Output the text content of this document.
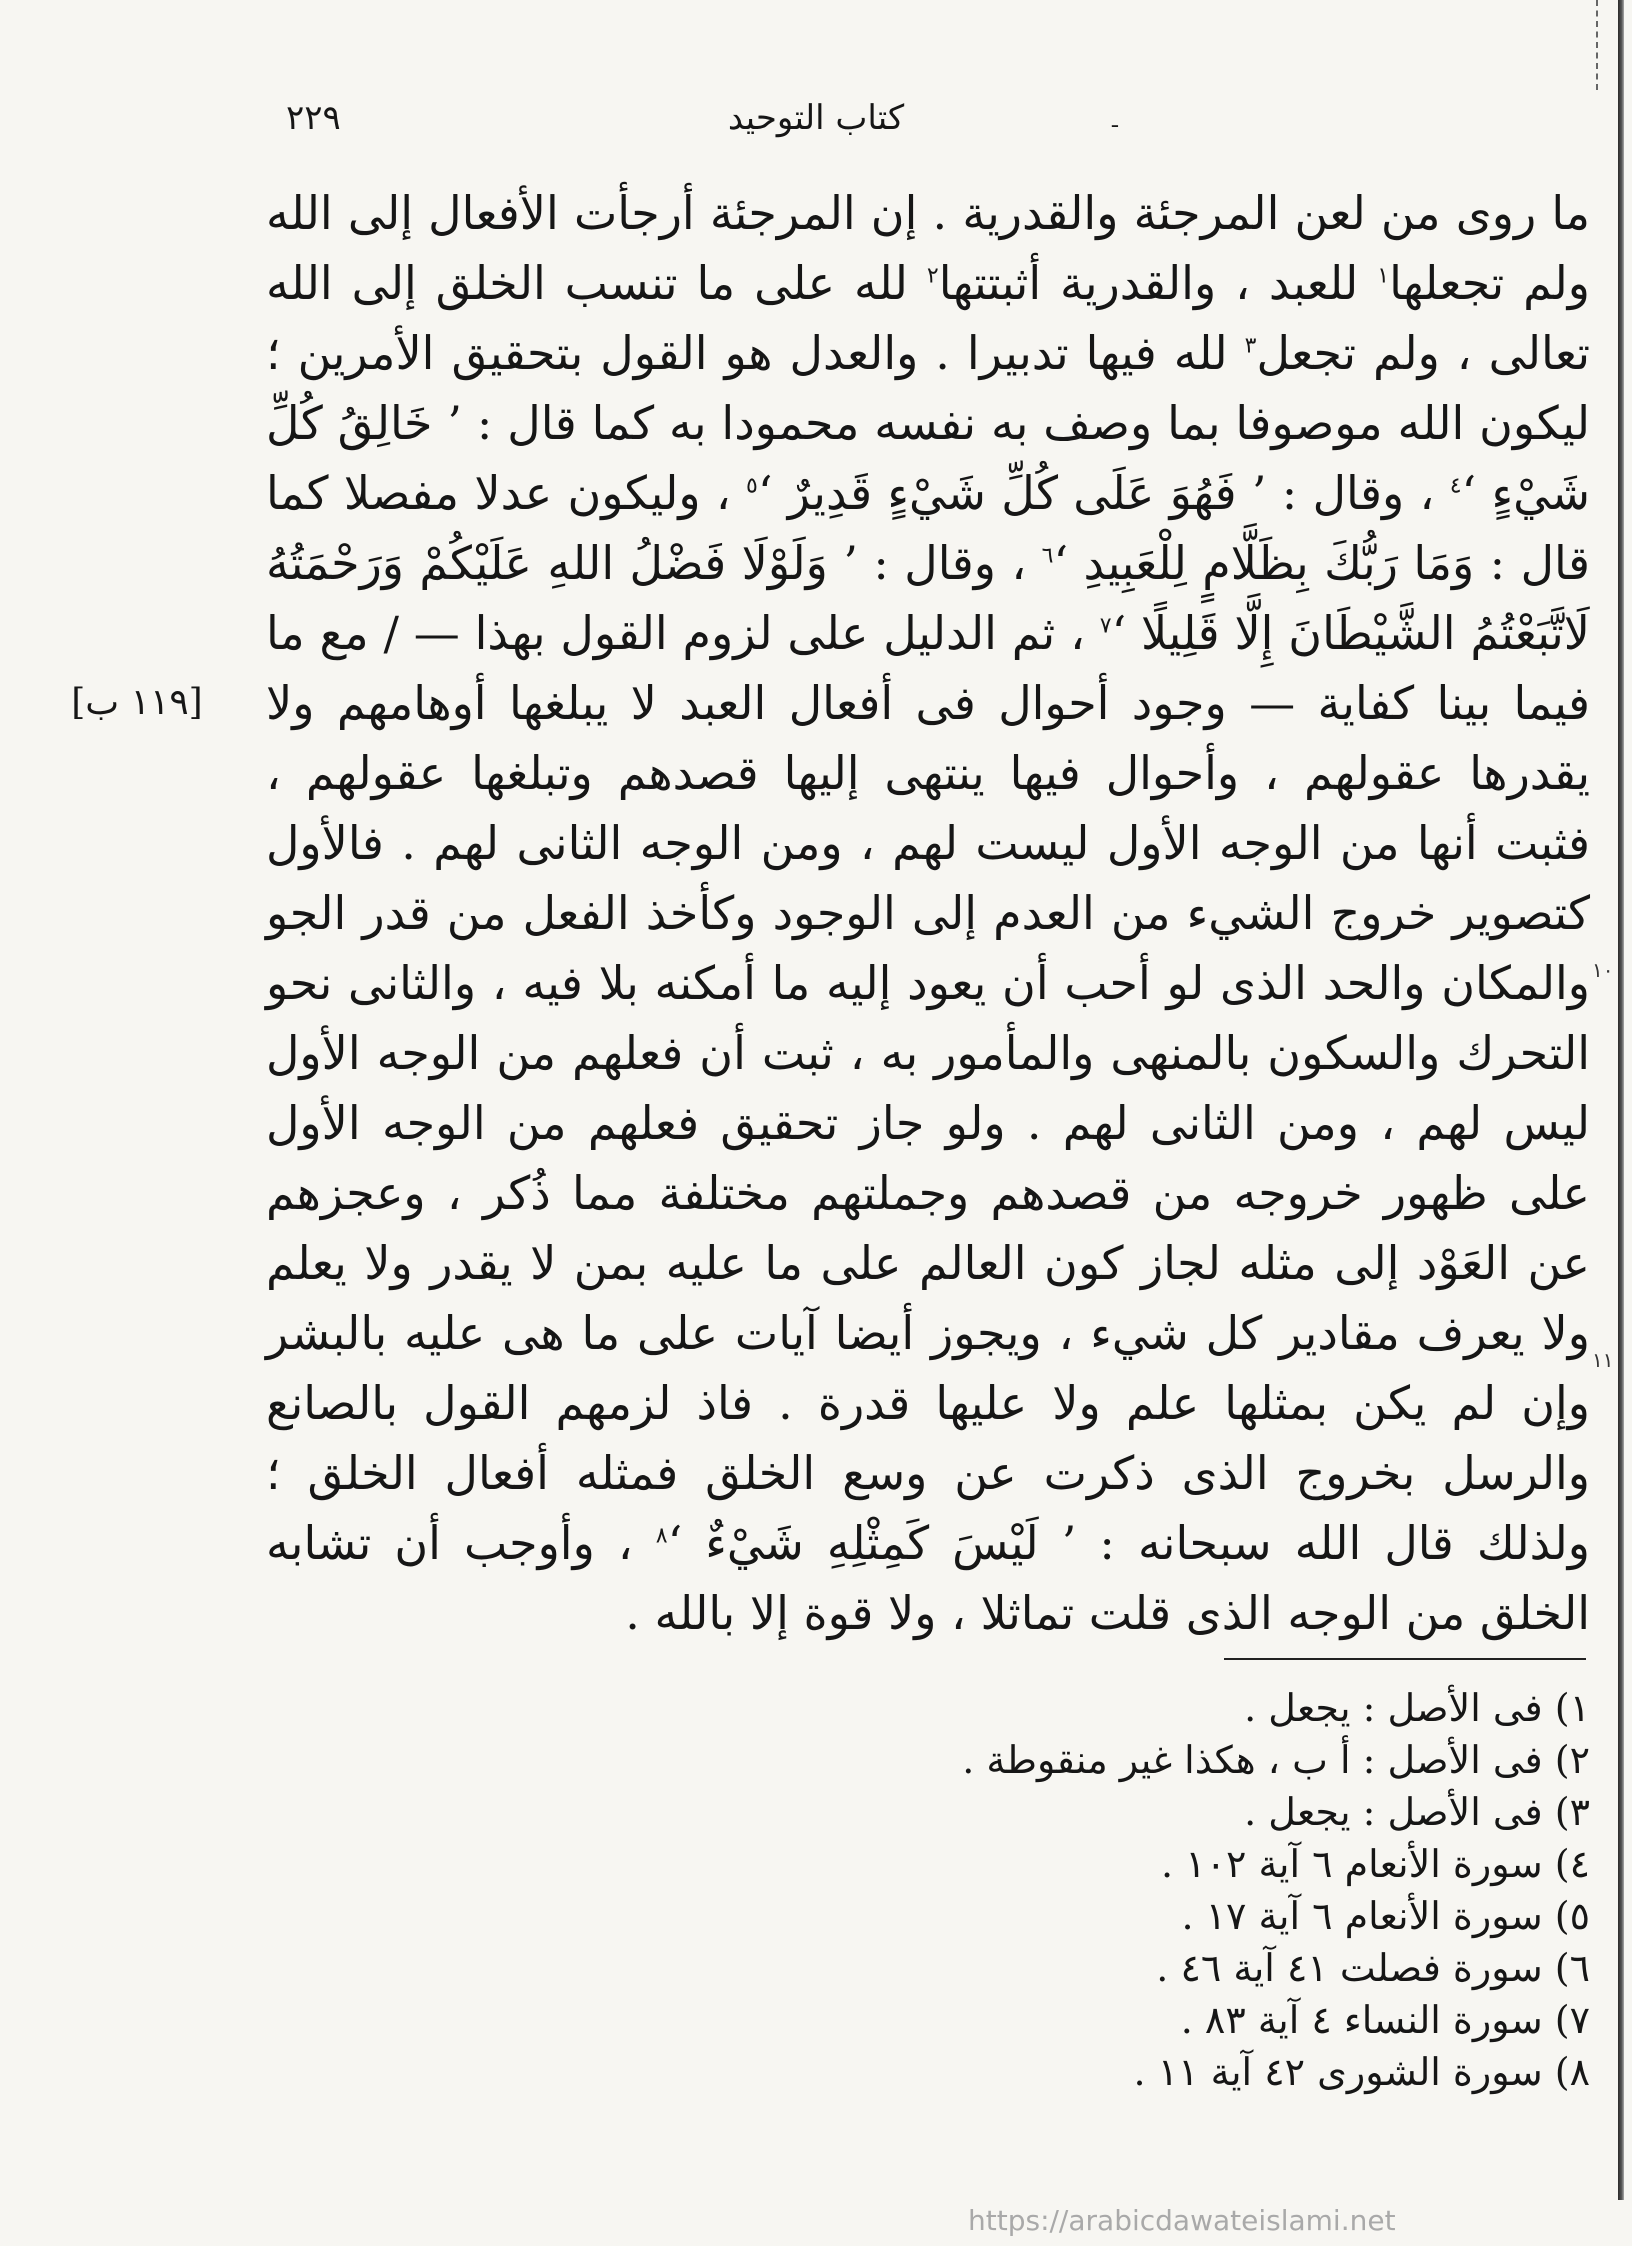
٢٢٩	كتاب التوحيد	ـ

ما روى من لعن المرجئة والقدرية . إن المرجئة أرجأت الأفعال إلى الله ولم تجعلها$^١$ للعبد ، والقدرية أثبتتها$^٢$ لله على ما تنسب الخلق إلى الله تعالى ، ولم تجعل$^٣$ لله فيها تدبيرا . والعدل هو القول بتحقيق الأمرين ؛ ليكون الله موصوفا بما وصف به نفسه محمودا به كما قال : ’ خَالِقُ كُلِّ شَيْءٍ ‘$^٤$ ، وقال : ’ فَهُوَ عَلَى كُلِّ شَيْءٍ قَدِيرٌ ‘$^٥$ ، وليكون عدلا مفصلا كما قال : وَمَا رَبُّكَ بِظَلَّامٍ لِلْعَبِيدِ ‘$^٦$ ، وقال : ’ وَلَوْلَا فَضْلُ اللهِ عَلَيْكُمْ وَرَحْمَتُهُ لَاتَّبَعْتُمُ الشَّيْطَانَ إِلَّا قَلِيلًا ‘$^٧$ ، ثم الدليل على لزوم القول بهذا — / مع ما فيما بينا كفاية — وجود أحوال فى أفعال العبد لا يبلغها أوهامهم ولا يقدرها عقولهم ، وأحوال فيها ينتهى إليها قصدهم وتبلغها عقولهم ، فثبت أنها من الوجه الأول ليست لهم ، ومن الوجه الثانى لهم . فالأول كتصوير خروج الشيء من العدم إلى الوجود وكأخذ الفعل من قدر الجو والمكان والحد الذى لو أحب أن يعود إليه ما أمكنه بلا فيه ، والثانى نحو التحرك والسكون بالمنهى والمأمور به ، ثبت أن فعلهم من الوجه الأول ليس لهم ، ومن الثانى لهم . ولو جاز تحقيق فعلهم من الوجه الأول على ظهور خروجه من قصدهم وجملتهم مختلفة مما ذُكر ، وعجزهم عن العَوْد إلى مثله لجاز كون العالم على ما عليه بمن لا يقدر ولا يعلم ولا يعرف مقادير كل شيء ، ويجوز أيضا آيات على ما هى عليه بالبشر وإن لم يكن بمثلها علم ولا عليها قدرة . فاذ لزمهم القول بالصانع والرسل بخروج الذى ذكرت عن وسع الخلق فمثله أفعال الخلق ؛ ولذلك قال الله سبحانه : ’ لَيْسَ كَمِثْلِهِ شَيْءٌ ‘$^٨$ ، وأوجب أن تشابه الخلق من الوجه الذى قلت تماثلا ، ولا قوة إلا بالله .

[١١٩ ب]
١٠
١١
١) فى الأصل : يجعل .
٢) فى الأصل : أ ب ، هكذا غير منقوطة .
٣) فى الأصل : يجعل .
٤) سورة الأنعام ٦ آية ١٠٢ .
٥) سورة الأنعام ٦ آية ١٧ .
٦) سورة فصلت ٤١ آية ٤٦ .
٧) سورة النساء ٤ آية ٨٣ .
٨) سورة الشورى ٤٢ آية ١١ .
https://arabicdawateislami.net
